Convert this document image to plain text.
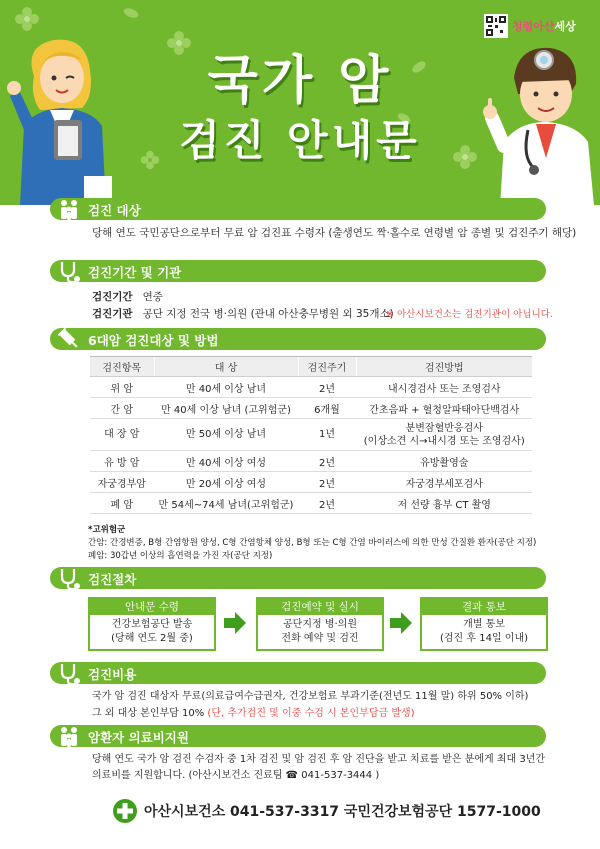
청렴아산세상
국가 암
검진 안내문
검진 대상
당해 연도 국민공단으로부터 무료 암 검진표 수령자 (출생연도 짝·홀수로 연령별 암 종별 및 검진주기 해당)
검진기간 및 기관
검진기간 연중
검진기관 공단 지정 전국 병·의원 (관내 아산충무병원 외 35개소)
※ 아산시보건소는 검진기관이 아닙니다.
6대암 검진대상 및 방법
검진항목	대 상	검진주기	검진방법
위 암	만 40세 이상 남녀	2년	내시경검사 또는 조영검사
간 암	만 40세 이상 남녀 (고위험군)	6개월	간초음파 + 혈청알파태아단백검사
대 장 암	만 50세 이상 남녀	1년	분변잠혈반응검사
(이상소견 시→내시경 또는 조영검사)

유 방 암	만 40세 이상 여성	2년	유방촬영술
자궁경부암	만 20세 이상 여성	2년	자궁경부세포검사
폐 암	만 54세~74세 남녀(고위험군)	2년	저 선량 흉부 CT 촬영
*고위험군
간암: 간경변증, B형 간염항원 양성, C형 간염항체 양성, B형 또는 C형 간염 바이러스에 의한 만성 간질환 환자(공단 지정)
폐암: 30갑년 이상의 흡연력을 가진 자(공단 지정)
검진절차
안내문 수령
건강보험공단 발송
(당해 연도 2월 중)
검진예약 및 실시
공단지정 병·의원
전화 예약 및 검진
결과 통보
개별 통보
(검진 후 14일 이내)
검진비용
국가 암 검진 대상자 무료(의료급여수급권자, 건강보험료 부과기준(전년도 11월 말) 하위 50% 이하)
그 외 대상 본인부담 10% (단, 추가검진 및 이중 수검 시 본인부담금 발생)
암환자 의료비지원
당해 연도 국가 암 검진 수검자 중 1차 검진 및 암 검진 후 암 진단을 받고 치료를 받은 분에게 최대 3년간
의료비를 지원합니다. (아산시보건소 진료팀 ☎ 041-537-3444 )
아산시보건소 041-537-3317 국민건강보험공단 1577-1000
